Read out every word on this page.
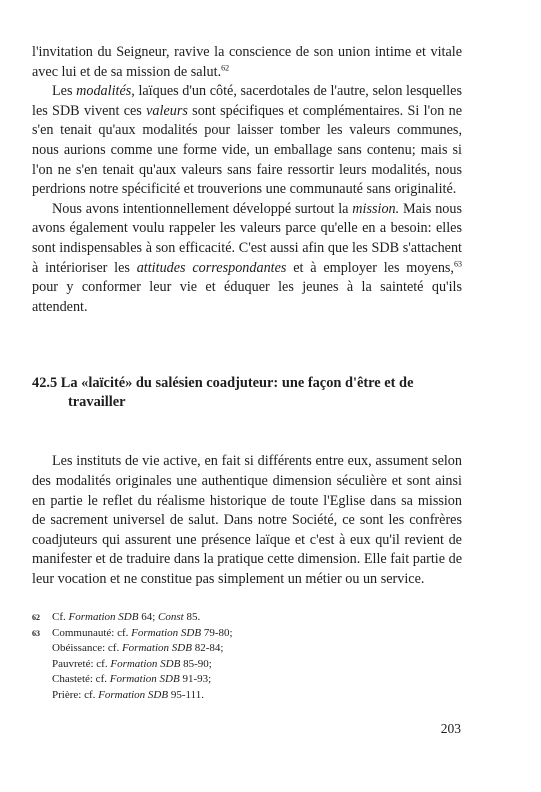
l'invitation du Seigneur, ravive la conscience de son union intime et vitale avec lui et de sa mission de salut.$^{62}$

Les modalités, laïques d'un côté, sacerdotales de l'autre, selon lesquelles les SDB vivent ces valeurs sont spécifiques et complémentaires. Si l'on ne s'en tenait qu'aux modalités pour laisser tomber les valeurs communes, nous aurions comme une forme vide, un emballage sans contenu; mais si l'on ne s'en tenait qu'aux valeurs sans faire ressortir leurs modalités, nous perdrions notre spécificité et trouverions une communauté sans originalité.

Nous avons intentionnellement développé surtout la mission. Mais nous avons également voulu rappeler les valeurs parce qu'elle en a besoin: elles sont indispensables à son efficacité. C'est aussi afin que les SDB s'attachent à intérioriser les attitudes correspondantes et à employer les moyens,$^{63}$ pour y conformer leur vie et éduquer les jeunes à la sainteté qu'ils attendent.

42.5 La «laïcité» du salésien coadjuteur: une façon d'être et de travailler

Les instituts de vie active, en fait si différents entre eux, assument selon des modalités originales une authentique dimension séculière et sont ainsi en partie le reflet du réalisme historique de toute l'Eglise dans sa mission de sacrement universel de salut. Dans notre Société, ce sont les confrères coadjuteurs qui assurent une présence laïque et c'est à eux qu'il revient de manifester et de traduire dans la pratique cette dimension. Elle fait partie de leur vocation et ne constitue pas simplement un métier ou un service.

62 Cf. Formation SDB 64; Const 85.
63 Communauté: cf. Formation SDB 79-80;
Obéissance: cf. Formation SDB 82-84;
Pauvreté: cf. Formation SDB 85-90;
Chasteté: cf. Formation SDB 91-93;
Prière: cf. Formation SDB 95-111.
203
